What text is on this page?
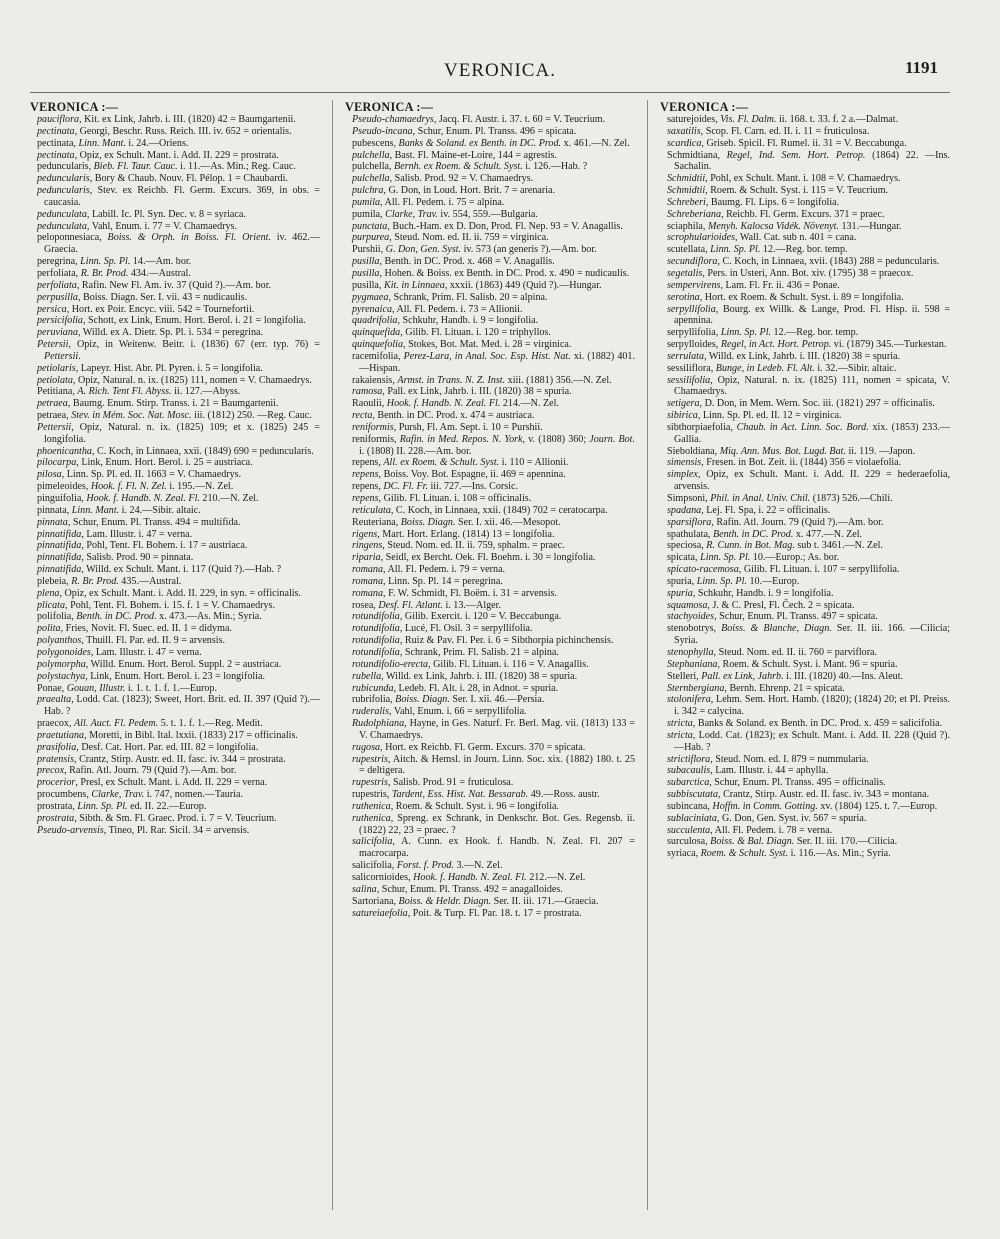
VERONICA.	1191
VERONICA :—
pauciflora, Kit. ex Link, Jahrb. i. III. (1820) 42 = Baumgartenii.
pectinata, Georgi, Beschr. Russ. Reich. III. iv. 652 = orientalis.
pectinata, Linn. Mant. i. 24.—Oriens.
pectinata, Opiz, ex Schult. Mant. i. Add. II. 229 = prostrata.
peduncularis, Bieb. Fl. Taur. Cauc. i. 11.—As. Min.; Reg. Cauc.
peduncularis, Bory & Chaub. Nouv. Fl. Pélop. 1 = Chaubardi.
peduncularis, Stev. ex Reichb. Fl. Germ. Excurs. 369, in obs. = caucasia.
pedunculata, Labill. Ic. Pl. Syn. Dec. v. 8 = syriaca.
pedunculata, Vahl, Enum. i. 77 = V. Chamaedrys.
peloponnesiaca, Boiss. & Orph. in Boiss. Fl. Orient. iv. 462.—Graecia.
peregrina, Linn. Sp. Pl. 14.—Am. bor.
perfoliata, R. Br. Prod. 434.—Austral.
perfoliata, Rafin. New Fl. Am. iv. 37 (Quid ?).—Am. bor.
perpusilla, Boiss. Diagn. Ser. I. vii. 43 = nudicaulis.
persica, Hort. ex Poir. Encyc. viii. 542 = Tournefortii.
persicifolia, Schott, ex Link, Enum. Hort. Berol. i. 21 = longifolia.
peruviana, Willd. ex A. Dietr. Sp. Pl. i. 534 = peregrina.
Petersii, Opiz, in Weitenw. Beitr. i. (1836) 67 (err. typ. 76) = Pettersii.
petiolaris, Lapeyr. Hist. Abr. Pl. Pyren. i. 5 = longifolia.
petiolata, Opiz, Natural. n. ix. (1825) 111, nomen = V. Chamaedrys.
Petitiana, A. Rich. Tent Fl. Abyss. ii. 127.—Abyss.
petraea, Baumg. Enum. Stirp. Transs. i. 21 = Baumgartenii.
petraea, Stev. in Mém. Soc. Nat. Mosc. iii. (1812) 250. —Reg. Cauc.
Pettersii, Opiz, Natural. n. ix. (1825) 109; et x. (1825) 245 = longifolia.
phoenicantha, C. Koch, in Linnaea, xxii. (1849) 690 = peduncularis.
pilocarpa, Link, Enum. Hort. Berol. i. 25 = austriaca.
pilosa, Linn. Sp. Pl. ed. II. 1663 = V. Chamaedrys.
pimeleoides, Hook. f. Fl. N. Zel. i. 195.—N. Zel.
pinguifolia, Hook. f. Handb. N. Zeal. Fl. 210.—N. Zel.
pinnata, Linn. Mant. i. 24.—Sibir. altaic.
pinnata, Schur, Enum. Pl. Transs. 494 = multifida.
pinnatifida, Lam. Illustr. i. 47 = verna.
pinnatifida, Pohl, Tent. Fl. Bohem. i. 17 = austriaca.
pinnatifida, Salisb. Prod. 90 = pinnata.
pinnatifida, Willd. ex Schult. Mant. i. 117 (Quid ?).—Hab. ?
plebeia, R. Br. Prod. 435.—Austral.
plena, Opiz, ex Schult. Mant. i. Add. II. 229, in syn. = officinalis.
plicata, Pohl, Tent. Fl. Bohem. i. 15. f. 1 = V. Chamaedrys.
polifolia, Benth. in DC. Prod. x. 473.—As. Min.; Syria.
polita, Fries, Novit. Fl. Suec. ed. II. 1 = didyma.
polyanthos, Thuill. Fl. Par. ed. II. 9 = arvensis.
polygonoides, Lam. Illustr. i. 47 = verna.
polymorpha, Willd. Enum. Hort. Berol. Suppl. 2 = austriaca.
polystachya, Link, Enum. Hort. Berol. i. 23 = longifolia.
Ponae, Gouan, Illustr. i. 1. t. 1. f. 1.—Europ.
praealta, Lodd. Cat. (1823); Sweet, Hort. Brit. ed. II. 397 (Quid ?).—Hab. ?
praecox, All. Auct. Fl. Pedem. 5. t. 1. f. 1.—Reg. Medit.
praetutiana, Moretti, in Bibl. Ital. lxxii. (1833) 217 = officinalis.
prasifolia, Desf. Cat. Hort. Par. ed. III. 82 = longifolia.
pratensis, Crantz, Stirp. Austr. ed. II. fasc. iv. 344 = prostrata.
precox, Rafin. Atl. Journ. 79 (Quid ?).—Am. bor.
procerior, Presl, ex Schult. Mant. i. Add. II. 229 = verna.
procumbens, Clarke, Trav. i. 747, nomen.—Tauria.
prostrata, Linn. Sp. Pl. ed. II. 22.—Europ.
prostrata, Sibth. & Sm. Fl. Graec. Prod. i. 7 = V. Teucrium.
Pseudo-arvensis, Tineo, Pl. Rar. Sicil. 34 = arvensis.
VERONICA :—
Pseudo-chamaedrys, Jacq. Fl. Austr. i. 37. t. 60 = V. Teucrium.
Pseudo-incana, Schur, Enum. Pl. Transs. 496 = spicata.
pubescens, Banks & Soland. ex Benth. in DC. Prod. x. 461.—N. Zel.
pulchella, Bast. Fl. Maine-et-Loire, 144 = agrestis.
pulchella, Bernh. ex Roem. & Schult. Syst. i. 126.—Hab. ?
pulchella, Salisb. Prod. 92 = V. Chamaedrys.
pulchra, G. Don, in Loud. Hort. Brit. 7 = arenaria.
pumila, All. Fl. Pedem. i. 75 = alpina.
pumila, Clarke, Trav. iv. 554, 559.—Bulgaria.
punctata, Buch.-Ham. ex D. Don, Prod. Fl. Nep. 93 = V. Anagallis.
purpurea, Steud. Nom. ed. II. ii. 759 = virginica.
Purshii, G. Don, Gen. Syst. iv. 573 (an generis ?).—Am. bor.
pusilla, Benth. in DC. Prod. x. 468 = V. Anagallis.
pusilla, Hohen. & Boiss. ex Benth. in DC. Prod. x. 490 = nudicaulis.
pusilla, Kit. in Linnaea, xxxii. (1863) 449 (Quid ?).—Hungar.
pygmaea, Schrank, Prim. Fl. Salisb. 20 = alpina.
pyrenaica, All. Fl. Pedem. i. 73 = Allionii.
quadrifolia, Schkuhr, Handb. i. 9 = longifolia.
quinquefida, Gilib. Fl. Lituan. i. 120 = triphyllos.
quinquefolia, Stokes, Bot. Mat. Med. i. 28 = virginica.
racemifolia, Perez-Lara, in Anal. Soc. Esp. Hist. Nat. xi. (1882) 401.—Hispan.
rakaiensis, Armst. in Trans. N. Z. Inst. xiii. (1881) 356.—N. Zel.
ramosa, Pall. ex Link, Jahrb. i. III. (1820) 38 = spuria.
Raoulii, Hook. f. Handb. N. Zeal. Fl. 214.—N. Zel.
recta, Benth. in DC. Prod. x. 474 = austriaca.
reniformis, Pursh, Fl. Am. Sept. i. 10 = Purshii.
reniformis, Rafin. in Med. Repos. N. York, v. (1808) 360; Journ. Bot. i. (1808) II. 228.—Am. bor.
repens, All. ex Roem. & Schult. Syst. i. 110 = Allionii.
repens, Boiss. Voy. Bot. Espagne, ii. 469 = apennina.
repens, DC. Fl. Fr. iii. 727.—Ins. Corsic.
repens, Gilib. Fl. Lituan. i. 108 = officinalis.
reticulata, C. Koch, in Linnaea, xxii. (1849) 702 = ceratocarpa.
Reuteriana, Boiss. Diagn. Ser. I. xii. 46.—Mesopot.
rigens, Mart. Hort. Erlang. (1814) 13 = longifolia.
ringens, Steud. Nom. ed. II. ii. 759, sphalm. = praec.
riparia, Seidl, ex Bercht. Oek. Fl. Boehm. i. 30 = longifolia.
romana, All. Fl. Pedem. i. 79 = verna.
romana, Linn. Sp. Pl. 14 = peregrina.
romana, F. W. Schmidt, Fl. Boëm. i. 31 = arvensis.
rosea, Desf. Fl. Atlant. i. 13.—Alger.
rotundifolia, Gilib. Exercit. i. 120 = V. Beccabunga.
rotundifolia, Lucé, Fl. Osil. 3 = serpyllifolia.
rotundifolia, Ruiz & Pav. Fl. Per. i. 6 = Sibthorpia pichinchensis.
rotundifolia, Schrank, Prim. Fl. Salisb. 21 = alpina.
rotundifolio-erecta, Gilib. Fl. Lituan. i. 116 = V. Anagallis.
rubella, Willd. ex Link, Jahrb. i. III. (1820) 38 = spuria.
rubicunda, Ledeb. Fl. Alt. i. 28, in Adnot. = spuria.
rubrifolia, Boiss. Diagn. Ser. I. xii. 46.—Persia.
ruderalis, Vahl, Enum. i. 66 = serpyllifolia.
Rudolphiana, Hayne, in Ges. Naturf. Fr. Berl. Mag. vii. (1813) 133 = V. Chamaedrys.
rugosa, Hort. ex Reichb. Fl. Germ. Excurs. 370 = spicata.
rupestris, Aitch. & Hemsl. in Journ. Linn. Soc. xix. (1882) 180. t. 25 = deltigera.
rupestris, Salisb. Prod. 91 = fruticulosa.
rupestris, Tardent, Ess. Hist. Nat. Bessarab. 49.—Ross. austr.
ruthenica, Roem. & Schult. Syst. i. 96 = longifolia.
ruthenica, Spreng. ex Schrank, in Denkschr. Bot. Ges. Regensb. ii. (1822) 22, 23 = praec. ?
salicifolia, A. Cunn. ex Hook. f. Handb. N. Zeal. Fl. 207 = macrocarpa.
salicifolia, Forst. f. Prod. 3.—N. Zel.
salicornioides, Hook. f. Handb. N. Zeal. Fl. 212.—N. Zel.
salina, Schur, Enum. Pl. Transs. 492 = anagalloides.
Sartoriana, Boiss. & Heldr. Diagn. Ser. II. iii. 171.—Graecia.
satureiaefolia, Poit. & Turp. Fl. Par. 18. t. 17 = prostrata.
VERONICA :—
saturejoides, Vis. Fl. Dalm. ii. 168. t. 33. f. 2 a.—Dalmat.
saxatilis, Scop. Fl. Carn. ed. II. i. 11 = fruticulosa.
scardica, Griseb. Spicil. Fl. Rumel. ii. 31 = V. Beccabunga.
Schmidtiana, Regel, Ind. Sem. Hort. Petrop. (1864) 22. —Ins. Sachalin.
Schmidtii, Pohl, ex Schult. Mant. i. 108 = V. Chamaedrys.
Schmidtii, Roem. & Schult. Syst. i. 115 = V. Teucrium.
Schreberi, Baumg. Fl. Lips. 6 = longifolia.
Schreberiana, Reichb. Fl. Germ. Excurs. 371 = praec.
sciaphila, Menyh. Kalocsa Vidék. Növenyt. 131.—Hungar.
scrophularioides, Wall. Cat. sub n. 401 = cana.
scutellata, Linn. Sp. Pl. 12.—Reg. bor. temp.
secundiflora, C. Koch, in Linnaea, xvii. (1843) 288 = peduncularis.
segetalis, Pers. in Usteri, Ann. Bot. xiv. (1795) 38 = praecox.
sempervirens, Lam. Fl. Fr. ii. 436 = Ponae.
serotina, Hort. ex Roem. & Schult. Syst. i. 89 = longifolia.
serpyllifolia, Bourg. ex Willk. & Lange, Prod. Fl. Hisp. ii. 598 = apennina.
serpyllifolia, Linn. Sp. Pl. 12.—Reg. bor. temp.
serpylloides, Regel, in Act. Hort. Petrop. vi. (1879) 345.—Turkestan.
serrulata, Willd. ex Link, Jahrb. i. III. (1820) 38 = spuria.
sessiliflora, Bunge, in Ledeb. Fl. Alt. i. 32.—Sibir. altaic.
sessilifolia, Opiz, Natural. n. ix. (1825) 111, nomen = spicata, V. Chamaedrys.
setigera, D. Don, in Mem. Wern. Soc. iii. (1821) 297 = officinalis.
sibirica, Linn. Sp. Pl. ed. II. 12 = virginica.
sibthorpiaefolia, Chaub. in Act. Linn. Soc. Bord. xix. (1853) 233.—Gallia.
Sieboldiana, Miq. Ann. Mus. Bot. Lugd. Bat. ii. 119. —Japon.
simensis, Fresen. in Bot. Zeit. ii. (1844) 356 = violaefolia.
simplex, Opiz, ex Schult. Mant. i. Add. II. 229 = hederaefolia, arvensis.
Simpsoni, Phil. in Anal. Univ. Chil. (1873) 526.—Chili.
spadana, Lej. Fl. Spa, i. 22 = officinalis.
sparsiflora, Rafin. Atl. Journ. 79 (Quid ?).—Am. bor.
spathulata, Benth. in DC. Prod. x. 477.—N. Zel.
speciosa, R. Cunn. in Bot. Mag. sub t. 3461.—N. Zel.
spicata, Linn. Sp. Pl. 10.—Europ.; As. bor.
spicato-racemosa, Gilib. Fl. Lituan. i. 107 = serpyllifolia.
spuria, Linn. Sp. Pl. 10.—Europ.
spuria, Schkuhr, Handb. i. 9 = longifolia.
squamosa, J. & C. Presl, Fl. Čech. 2 = spicata.
stachyoides, Schur, Enum. Pl. Transs. 497 = spicata.
stenobotrys, Boiss. & Blanche, Diagn. Ser. II. iii. 166. —Cilicia; Syria.
stenophylla, Steud. Nom. ed. II. ii. 760 = parviflora.
Stephaniana, Roem. & Schult. Syst. i. Mant. 96 = spuria.
Stelleri, Pall. ex Link, Jahrb. i. III. (1820) 40.—Ins. Aleut.
Sternbergiana, Bernh. Ehrenp. 21 = spicata.
stolonifera, Lehm. Sem. Hort. Hamb. (1820); (1824) 20; et Pl. Preiss. i. 342 = calycina.
stricta, Banks & Soland. ex Benth. in DC. Prod. x. 459 = salicifolia.
stricta, Lodd. Cat. (1823); ex Schult. Mant. i. Add. II. 228 (Quid ?).—Hab. ?
strictiflora, Steud. Nom. ed. I. 879 = nummularia.
subacaulis, Lam. Illustr. i. 44 = aphylla.
subarctica, Schur, Enum. Pl. Transs. 495 = officinalis.
subbiscutata, Crantz, Stirp. Austr. ed. II. fasc. iv. 343 = montana.
subincana, Hoffm. in Comm. Gotting. xv. (1804) 125. t. 7.—Europ.
sublaciniata, G. Don, Gen. Syst. iv. 567 = spuria.
succulenta, All. Fl. Pedem. i. 78 = verna.
surculosa, Boiss. & Bal. Diagn. Ser. II. iii. 170.—Cilicia.
syriaca, Roem. & Schult. Syst. i. 116.—As. Min.; Syria.
